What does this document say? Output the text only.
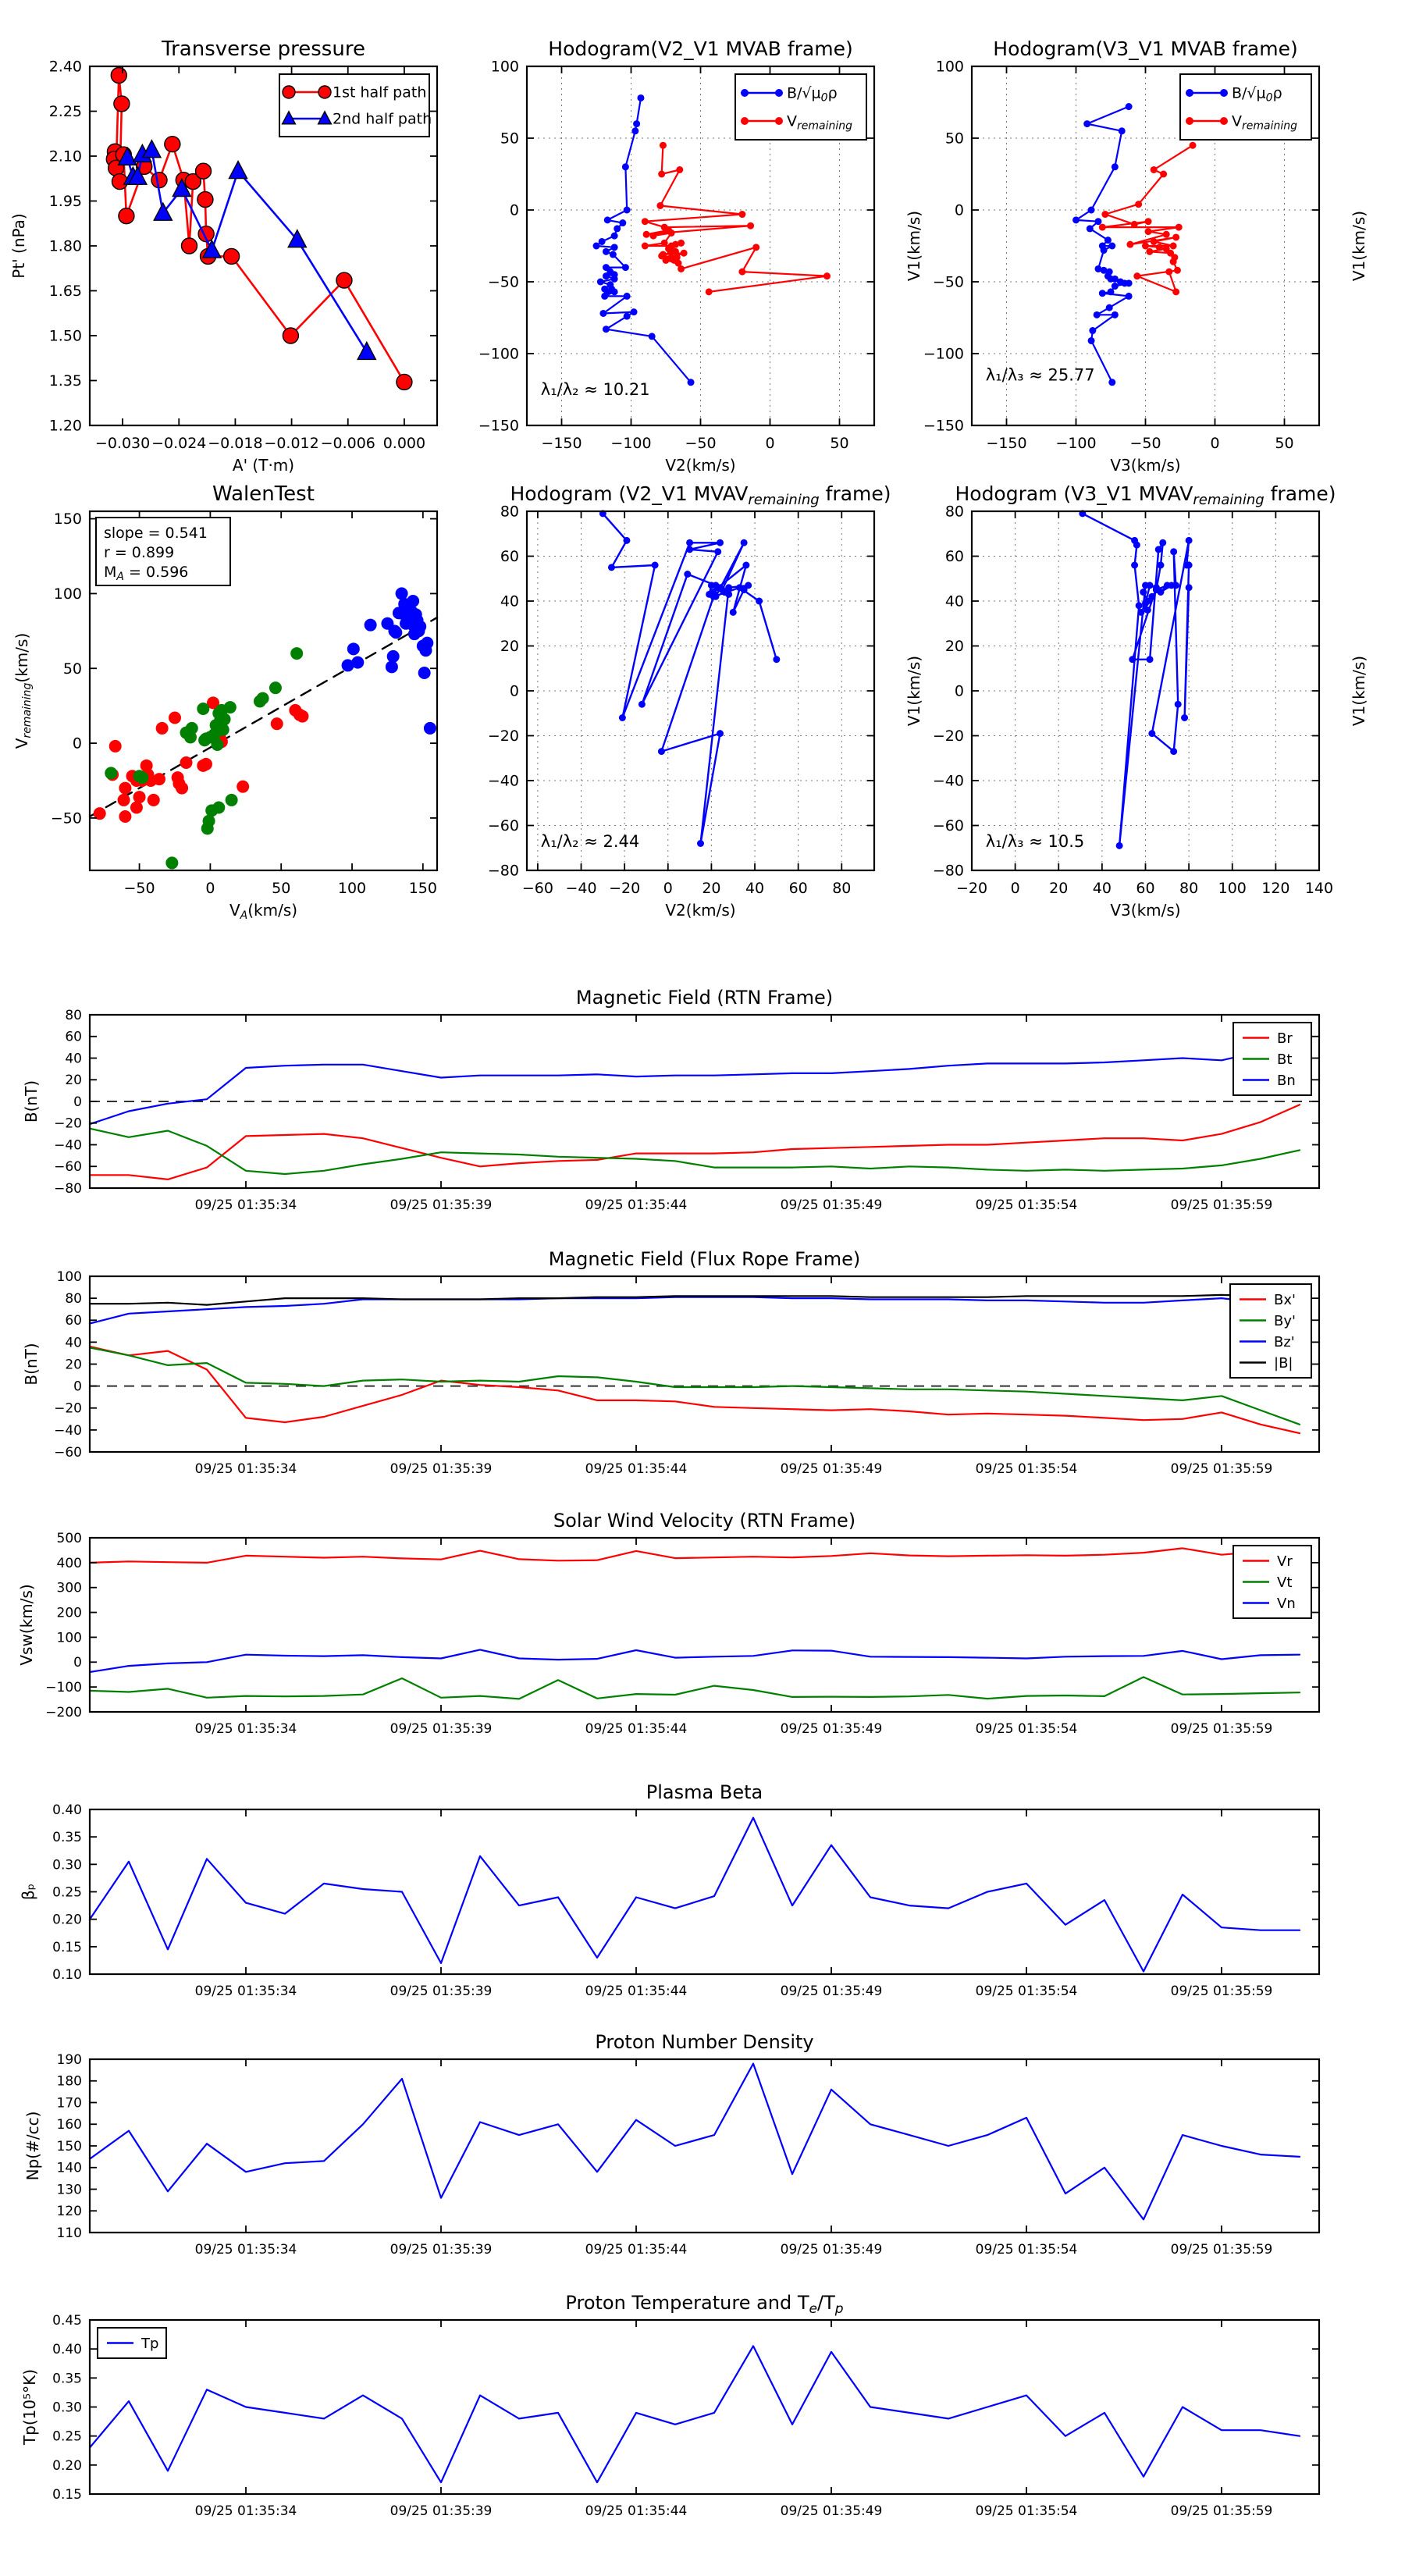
−0.030 −0.024 −0.018 −0.012 −0.006 0.000
1.20
1.35
1.50
1.65
1.80
1.95
2.10
2.25
2.40
Transverse pressure
A' (T·m)
Pt' (nPa)
1st half path
2nd half path
−150 −100 −50	0	50
−150
−100
−50
0
50
100
Hodogram(V2_V1 MVAB frame)
V2(km/s)
V1(km/s)
$B/√\mu_0\rho$
$V_{remaining}$
λ₁/λ₂ ≈ 10.21
−150 −100 −50	0	50
−150
−100
−50
0
50
100
Hodogram(V3_V1 MVAB frame)
V3(km/s)
V1(km/s)
$B/√\mu_0\rho$
$V_{remaining}$
λ₁/λ₃ ≈ 25.77
−50	0	50	100	150
−50
0
50
100
150
WalenTest
$V_A(km/s)$
$V_{remaining}(km/s)$
slope = 0.541
r = 0.899
$M_A = 0.596$
−60 −40 −20 0 20 40 60 80
−80
−60
−40
−20
0
20
40
60
80
Hodogram (V2_V1 $MVAV_{remaining}$ frame)
V2(km/s)
V1(km/s)
λ₁/λ₂ ≈ 2.44
−20 0 20 40 60 80 100 120 140
−80
−60
−40
−20
0
20
40
60
80
Hodogram (V3_V1 $MVAV_{remaining}$ frame)
V3(km/s)
V1(km/s)
λ₁/λ₃ ≈ 10.5
09/25 01:35:34	09/25 01:35:39	09/25 01:35:44	09/25 01:35:49	09/25 01:35:54	09/25 01:35:59
−80
−60
−40
−20
0
20
40
60
80
Magnetic Field (RTN Frame)
B(nT)
Br
Bt
Bn
09/25 01:35:34	09/25 01:35:39	09/25 01:35:44	09/25 01:35:49	09/25 01:35:54	09/25 01:35:59
−60
−40
−20
0
20
40
60
80
100
Magnetic Field (Flux Rope Frame)
B(nT)
Bx'
By'
Bz'
|B|
09/25 01:35:34	09/25 01:35:39	09/25 01:35:44	09/25 01:35:49	09/25 01:35:54	09/25 01:35:59
−200
−100
0
100
200
300
400
500
Solar Wind Velocity (RTN Frame)
Vsw(km/s)
Vr
Vt
Vn
09/25 01:35:34	09/25 01:35:39	09/25 01:35:44	09/25 01:35:49	09/25 01:35:54	09/25 01:35:59
0.10
0.15
0.20
0.25
0.30
0.35
0.40
Plasma Beta
βₚ
09/25 01:35:34	09/25 01:35:39	09/25 01:35:44	09/25 01:35:49	09/25 01:35:54	09/25 01:35:59
110
120
130
140
150
160
170
180
190
Proton Number Density
Np(#/cc)
09/25 01:35:34	09/25 01:35:39	09/25 01:35:44	09/25 01:35:49	09/25 01:35:54	09/25 01:35:59
0.15
0.20
0.25
0.30
0.35
0.40
0.45
Proton Temperature and $T_e/T_p$
Tp(10⁵°K)
Tp
